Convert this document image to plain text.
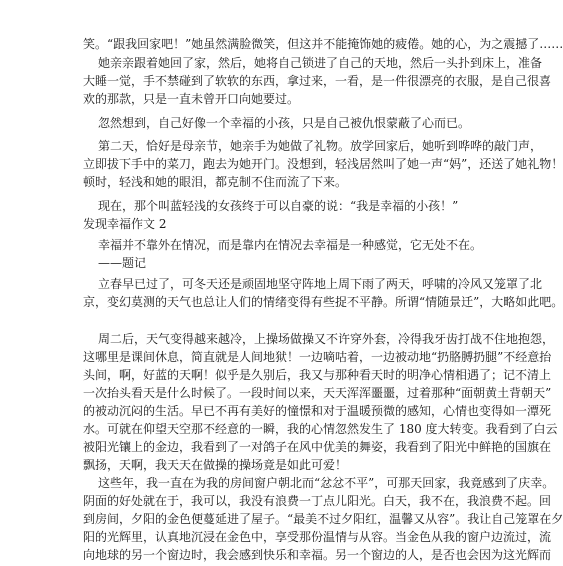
笑。“跟我回家吧！”她虽然满脸微笑，但这并不能掩饰她的疲倦。她的心，为之震撼了……
她亲亲跟着她回了家，然后，她将自己锁进了自己的天地，然后一头扑到床上，准备
大睡一觉，手不禁碰到了软软的东西，拿过来，一看，是一件很漂亮的衣服，是自己很喜
欢的那款，只是一直未曾开口向她要过。
忽然想到，自己好像一个幸福的小孩，只是自己被仇恨蒙蔽了心而已。
第二天，恰好是母亲节，她亲手为她做了礼物。放学回家后，她听到哗哗的敲门声，
立即拔下手中的菜刀，跑去为她开门。没想到，轻浅居然叫了她一声“妈”，还送了她礼物！
顿时，轻浅和她的眼泪，都克制不住而流了下来。
现在，那个叫蓝轻浅的女孩终于可以自豪的说：“我是幸福的小孩！”
发现幸福作文 2
幸福并不靠外在情况，而是靠内在情况去幸福是一种感觉，它无处不在。
——题记
立春早已过了，可冬天还是顽固地坚守阵地上周下雨了两天，呼啸的冷风又笼罩了北
京，变幻莫测的天气也总让人们的情绪变得有些捉不平静。所谓“情随景迁”，大略如此吧。
周二后，天气变得越来越冷，上操场做操又不许穿外套，冷得我牙齿打战不住地抱怨，
这哪里是课间休息，简直就是人间地狱！一边嘀咕着，一边被动地“扔胳膊扔腿”不经意抬
头间，啊，好蓝的天啊！似乎是久别后，我又与那种看天时的明净心情相遇了；记不清上
一次抬头看天是什么时候了。一段时间以来，天天浑浑噩噩，过着那种“面朝黄土背朝天”
的被动沉闷的生活。早已不再有美好的憧憬和对于温暖预微的感知，心情也变得如一潭死
水。可就在仰望天空那不经意的一瞬，我的心情忽然发生了 180 度大转变。我看到了白云
被阳光镶上的金边，我看到了一对鸽子在风中优美的舞姿，我看到了阳光中鲜艳的国旗在
飘扬，天啊，我天天在做操的操场竟是如此可爱！
这些年，我一直在为我的房间窗户朝北而“忿忿不平”，可那天回家，我竟感到了庆幸。
阴面的好处就在于，我可以，我没有浪费一丁点儿阳光。白天，我不在，我浪费不起。回
到房间，夕阳的金色便蔓延进了屋子。“最美不过夕阳红，温馨又从容”。我让自己笼罩在夕
阳的光辉里，认真地沉浸在金色中，享受那份温情与从容。当金色从我的窗户边流过，流
向地球的另一个窗边时，我会感到快乐和幸福。另一个窗边的人，是否也会因为这光辉而
